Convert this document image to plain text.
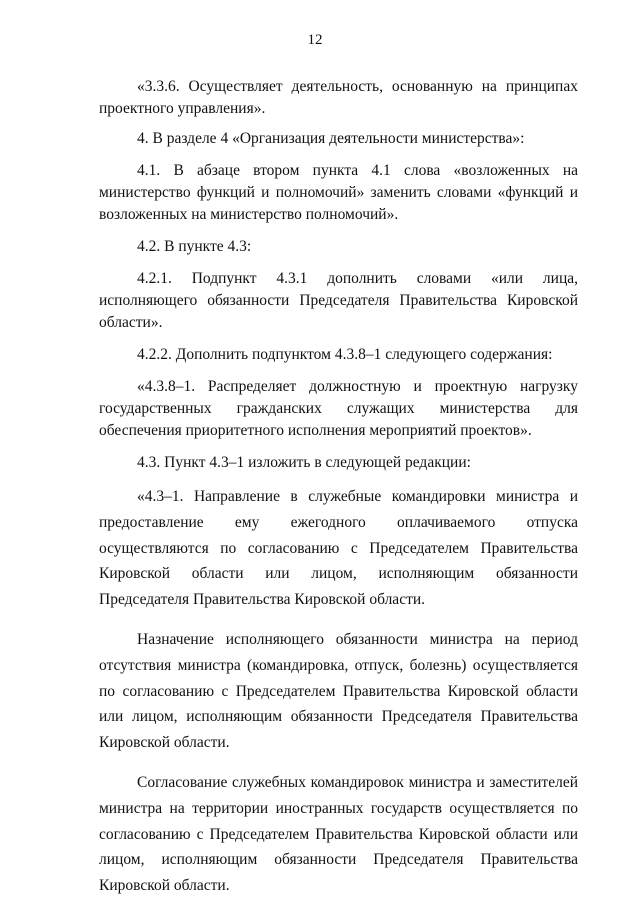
12

«3.3.6. Осуществляет деятельность, основанную на принципах проектного управления».

4. В разделе 4 «Организация деятельности министерства»:

4.1. В абзаце втором пункта 4.1 слова «возложенных на министерство функций и полномочий» заменить словами «функций и возложенных на министерство полномочий».

4.2. В пункте 4.3:

4.2.1. Подпункт 4.3.1 дополнить словами «или лица, исполняющего обязанности Председателя Правительства Кировской области».

4.2.2. Дополнить подпунктом 4.3.8–1 следующего содержания:

«4.3.8–1. Распределяет должностную и проектную нагрузку государственных гражданских служащих министерства для обеспечения приоритетного исполнения мероприятий проектов».

4.3. Пункт 4.3–1 изложить в следующей редакции:

«4.3–1. Направление в служебные командировки министра и предоставление ему ежегодного оплачиваемого отпуска осуществляются по согласованию с Председателем Правительства Кировской области или лицом, исполняющим обязанности Председателя Правительства Кировской области.

Назначение исполняющего обязанности министра на период отсутствия министра (командировка, отпуск, болезнь) осуществляется по согласованию с Председателем Правительства Кировской области или лицом, исполняющим обязанности Председателя Правительства Кировской области.

Согласование служебных командировок министра и заместителей министра на территории иностранных государств осуществляется по согласованию с Председателем Правительства Кировской области или лицом, исполняющим обязанности Председателя Правительства Кировской области.
